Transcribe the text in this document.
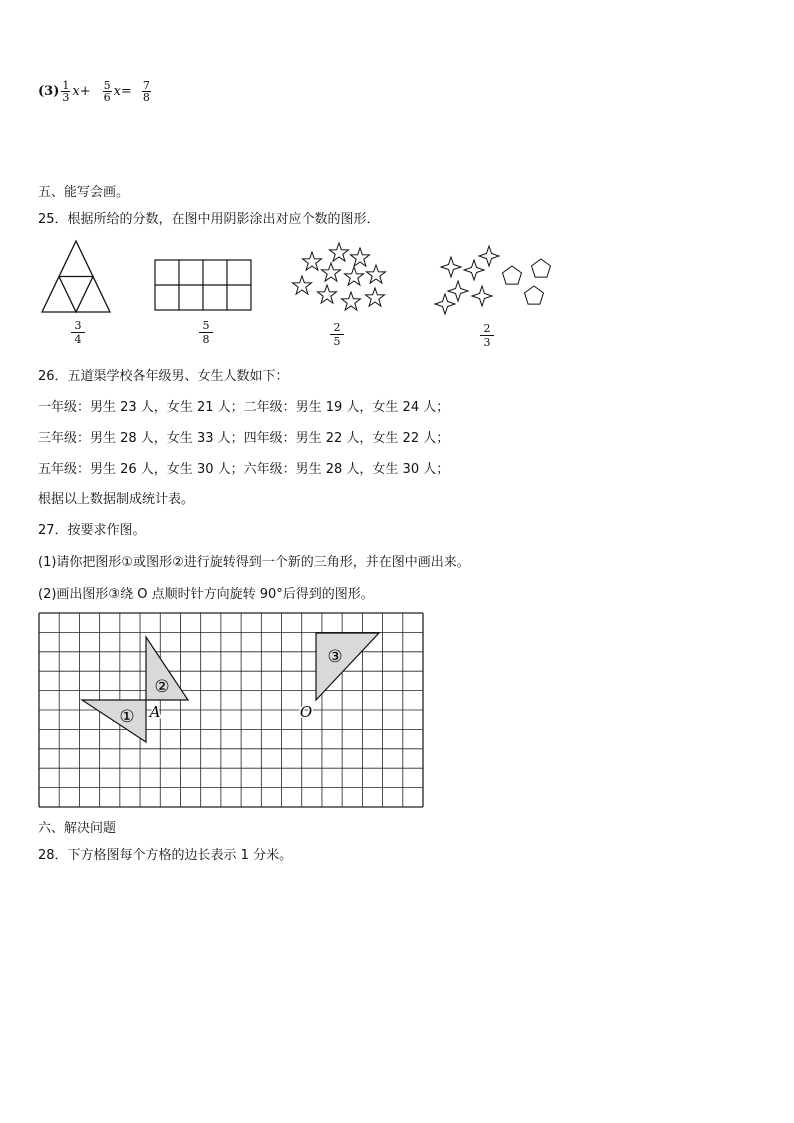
$(3) \frac{1}{3} x+ \frac{5}{6} x= \frac{7}{8}$
五、能写会画。
25．根据所给的分数，在图中用阴影涂出对应个数的图形．
$\frac{3}{4}$	$\frac{5}{8}$	$\frac{2}{5}$	$\frac{2}{3}$
26．五道渠学校各年级男、女生人数如下：
一年级：男生 23 人，女生 21 人；二年级：男生 19 人，女生 24 人；
三年级：男生 28 人，女生 33 人；四年级：男生 22 人，女生 22 人；
五年级：男生 26 人，女生 30 人；六年级：男生 28 人，女生 30 人；
根据以上数据制成统计表。
27．按要求作图。
(1)请你把图形①或图形②进行旋转得到一个新的三角形，并在图中画出来。
(2)画出图形③绕 O 点顺时针方向旋转 90°后得到的图形。
①
②
③
A	O
六、解决问题
28．下方格图每个方格的边长表示 1 分米。
